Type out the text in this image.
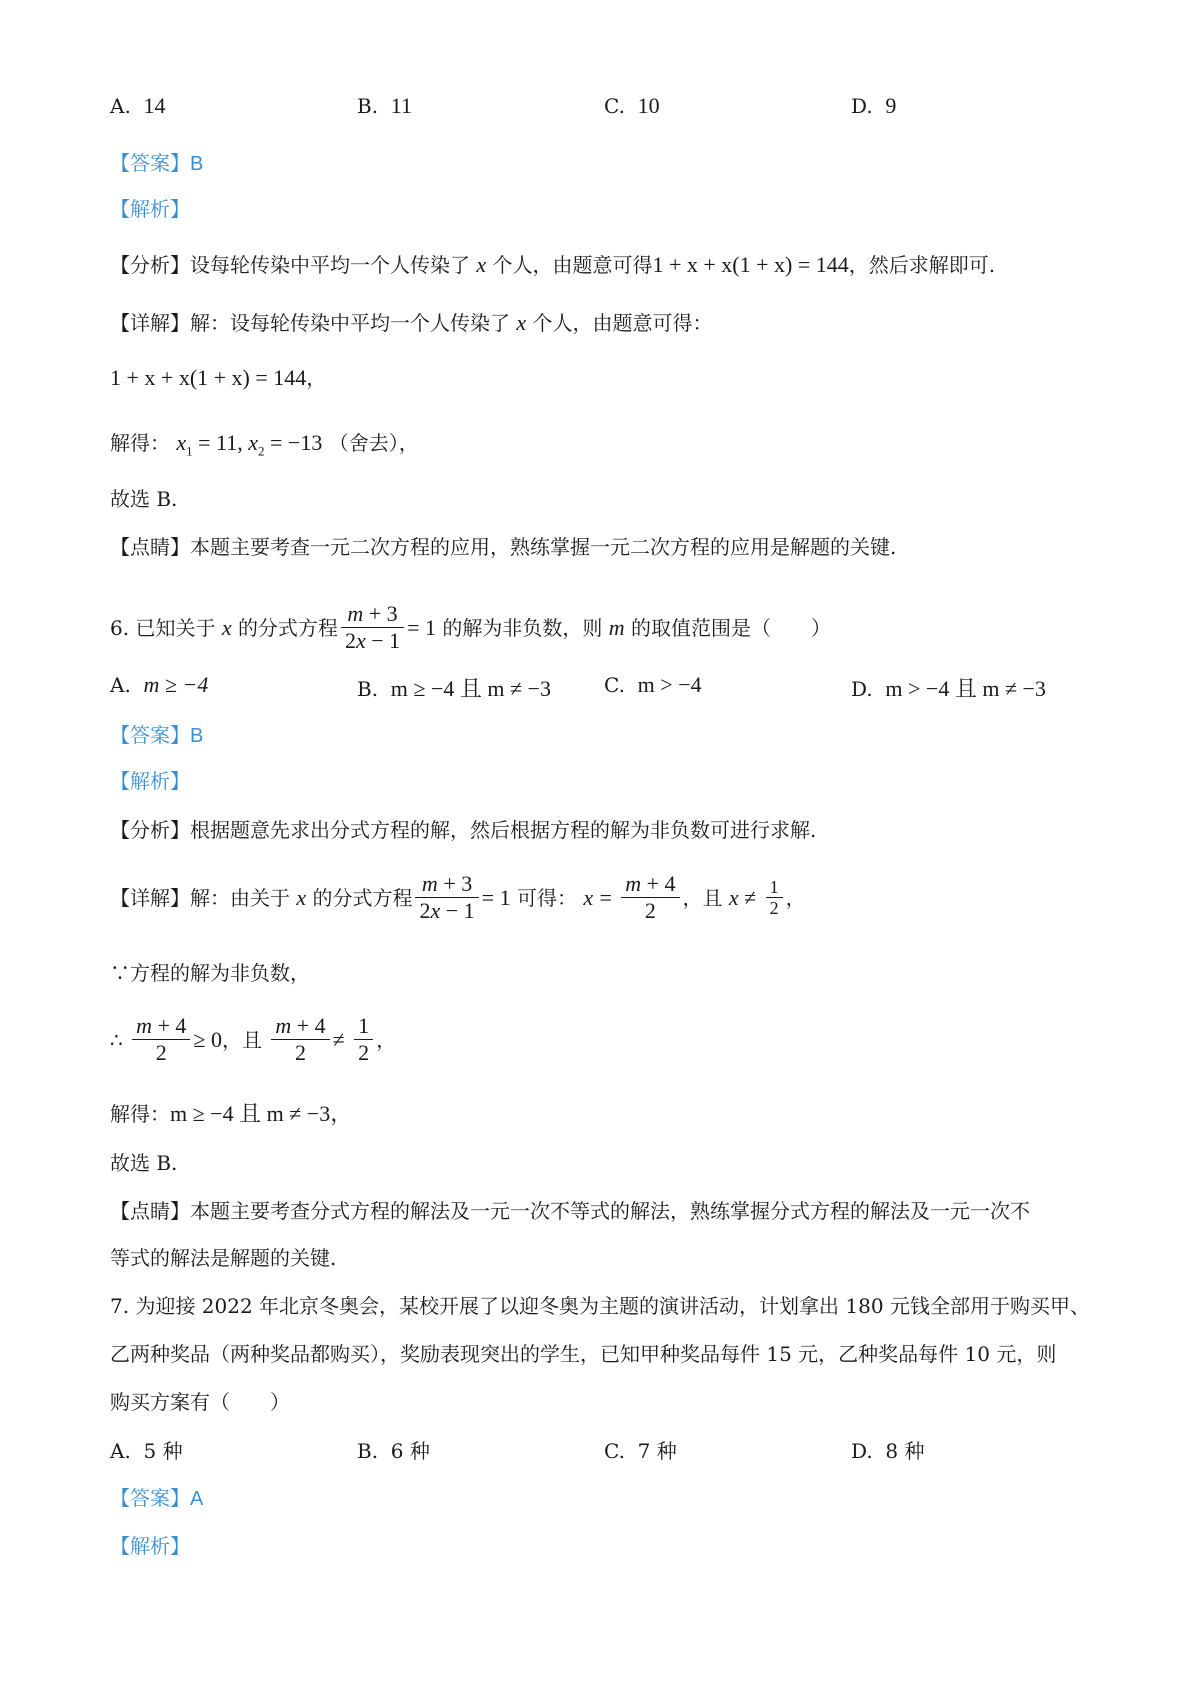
A. 14	B. 11	C. 10	D. 9
【答案】B
【解析】
【分析】设每轮传染中平均一个人传染了 x 个人，由题意可得1 + x + x(1 + x) = 144，然后求解即可.
【详解】解：设每轮传染中平均一个人传染了 x 个人，由题意可得：
1 + x + x(1 + x) = 144，
解得： $x_1 = 11$, $x_2 = -13$ （舍去），
故选 B.
【点睛】本题主要考查一元二次方程的应用，熟练掌握一元二次方程的应用是解题的关键.
6. 已知关于 x 的分式方程 $\frac{m + 3}{2x - 1} = 1$ 的解为非负数，则 m 的取值范围是（　　）
A. m ≥ −4	B. m ≥ −4 且 m ≠ −3	C. m > −4	D. m > −4 且 m ≠ −3
【答案】B
【解析】
【分析】根据题意先求出分式方程的解，然后根据方程的解为非负数可进行求解.
【详解】解：由关于 x 的分式方程 $\frac{m + 3}{2x - 1} = 1$ 可得： $x = \frac{m + 4}{2}$ ，且 $x \ne \frac{1}{2}$ ，
∵方程的解为非负数，
∴ $\frac{m + 4}{2} \ge 0$，且 $\frac{m + 4}{2} \ne \frac{1}{2}$ ，
解得：m ≥ −4 且 m ≠ −3，
故选 B.
【点睛】本题主要考查分式方程的解法及一元一次不等式的解法，熟练掌握分式方程的解法及一元一次不
等式的解法是解题的关键.
7. 为迎接 2022 年北京冬奥会，某校开展了以迎冬奥为主题的演讲活动，计划拿出 180 元钱全部用于购买甲、
乙两种奖品（两种奖品都购买），奖励表现突出的学生，已知甲种奖品每件 15 元，乙种奖品每件 10 元，则
购买方案有（　　）
A. 5 种	B. 6 种	C. 7 种	D. 8 种
【答案】A
【解析】
